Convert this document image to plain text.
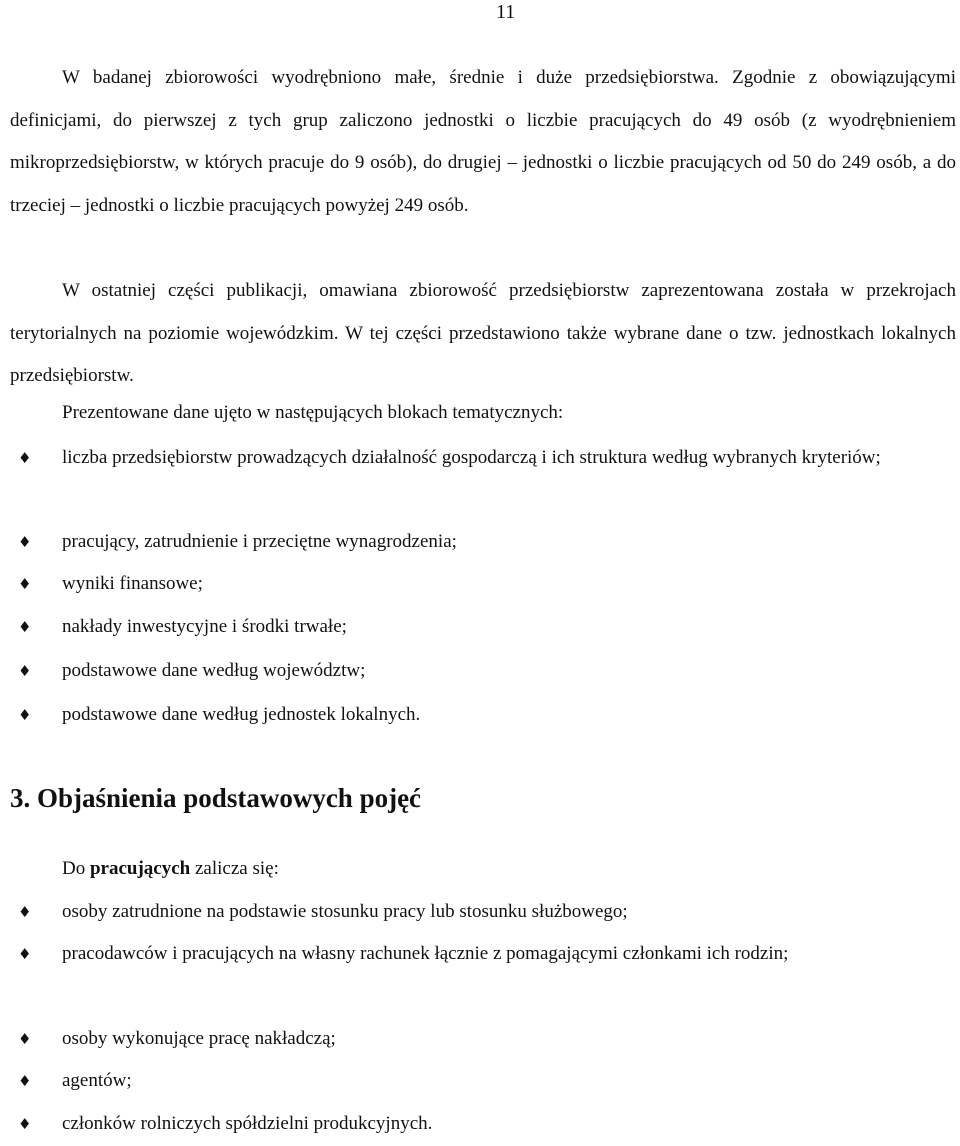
11

W badanej zbiorowości wyodrębniono małe, średnie i duże przedsiębiorstwa. Zgodnie z obowiązującymi definicjami, do pierwszej z tych grup zaliczono jednostki o liczbie pracujących do 49 osób (z wyodrębnieniem mikroprzedsiębiorstw, w których pracuje do 9 osób), do drugiej – jednostki o liczbie pracujących od 50 do 249 osób, a do trzeciej – jednostki o liczbie pracujących powyżej 249 osób.

W ostatniej części publikacji, omawiana zbiorowość przedsiębiorstw zaprezentowana została w przekrojach terytorialnych na poziomie wojewódzkim. W tej części przedstawiono także wybrane dane o tzw. jednostkach lokalnych przedsiębiorstw.

Prezentowane dane ujęto w następujących blokach tematycznych:

♦ liczba przedsiębiorstw prowadzących działalność gospodarczą i ich struktura według wybranych kryteriów;
♦ pracujący, zatrudnienie i przeciętne wynagrodzenia;
♦ wyniki finansowe;
♦ nakłady inwestycyjne i środki trwałe;
♦ podstawowe dane według województw;
♦ podstawowe dane według jednostek lokalnych.
3. Objaśnienia podstawowych pojęć
Do pracujących zalicza się:
♦ osoby zatrudnione na podstawie stosunku pracy lub stosunku służbowego;
♦ pracodawców i pracujących na własny rachunek łącznie z pomagającymi członkami ich rodzin;
♦ osoby wykonujące pracę nakładczą;
♦ agentów;
♦ członków rolniczych spółdzielni produkcyjnych.
